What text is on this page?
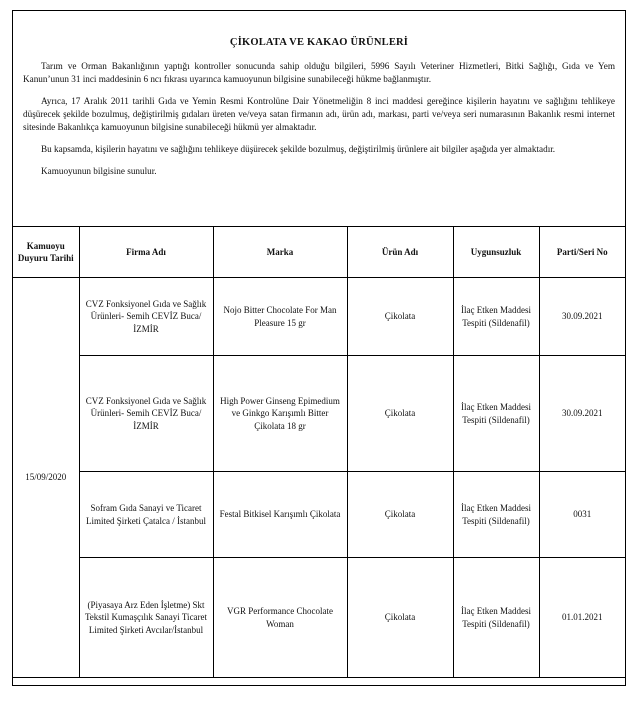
ÇİKOLATA VE KAKAO ÜRÜNLERİ

Tarım ve Orman Bakanlığının yaptığı kontroller sonucunda sahip olduğu bilgileri, 5996 Sayılı Veteriner Hizmetleri, Bitki Sağlığı, Gıda ve Yem Kanun’unun 31 inci maddesinin 6 ncı fıkrası uyarınca kamuoyunun bilgisine sunabileceği hükme bağlanmıştır.

Ayrıca, 17 Aralık 2011 tarihli Gıda ve Yemin Resmi Kontrolüne Dair Yönetmeliğin 8 inci maddesi gereğince kişilerin hayatını ve sağlığını tehlikeye düşürecek şekilde bozulmuş, değiştirilmiş gıdaları üreten ve/veya satan firmanın adı, ürün adı, markası, parti ve/veya seri numarasının Bakanlık resmi internet sitesinde Bakanlıkça kamuoyunun bilgisine sunabileceği hükmü yer almaktadır.

Bu kapsamda, kişilerin hayatını ve sağlığını tehlikeye düşürecek şekilde bozulmuş, değiştirilmiş ürünlere ait bilgiler aşağıda yer almaktadır.

Kamuoyunun bilgisine sunulur.

Kamuoyu Duyuru Tarihi	Firma Adı	Marka	Ürün Adı	Uygunsuzluk	Parti/Seri No
15/09/2020	CVZ Fonksiyonel Gıda ve Sağlık Ürünleri- Semih CEVİZ Buca/İZMİR	Nojo Bitter Chocolate For Man Pleasure 15 gr	Çikolata	İlaç Etken Maddesi Tespiti (Sildenafil)	30.09.2021
	CVZ Fonksiyonel Gıda ve Sağlık Ürünleri- Semih CEVİZ Buca/İZMİR	High Power Ginseng Epimedium ve Ginkgo Karışımlı Bitter Çikolata 18 gr	Çikolata	İlaç Etken Maddesi Tespiti (Sildenafil)	30.09.2021
	Sofram Gıda Sanayi ve Ticaret Limited Şirketi Çatalca / İstanbul	Festal Bitkisel Karışımlı Çikolata	Çikolata	İlaç Etken Maddesi Tespiti (Sildenafil)	0031
	(Piyasaya Arz Eden İşletme) Skt Tekstil Kumaşçılık Sanayi Ticaret Limited Şirketi Avcılar/İstanbul	VGR Performance Chocolate Woman	Çikolata	İlaç Etken Maddesi Tespiti (Sildenafil)	01.01.2021
